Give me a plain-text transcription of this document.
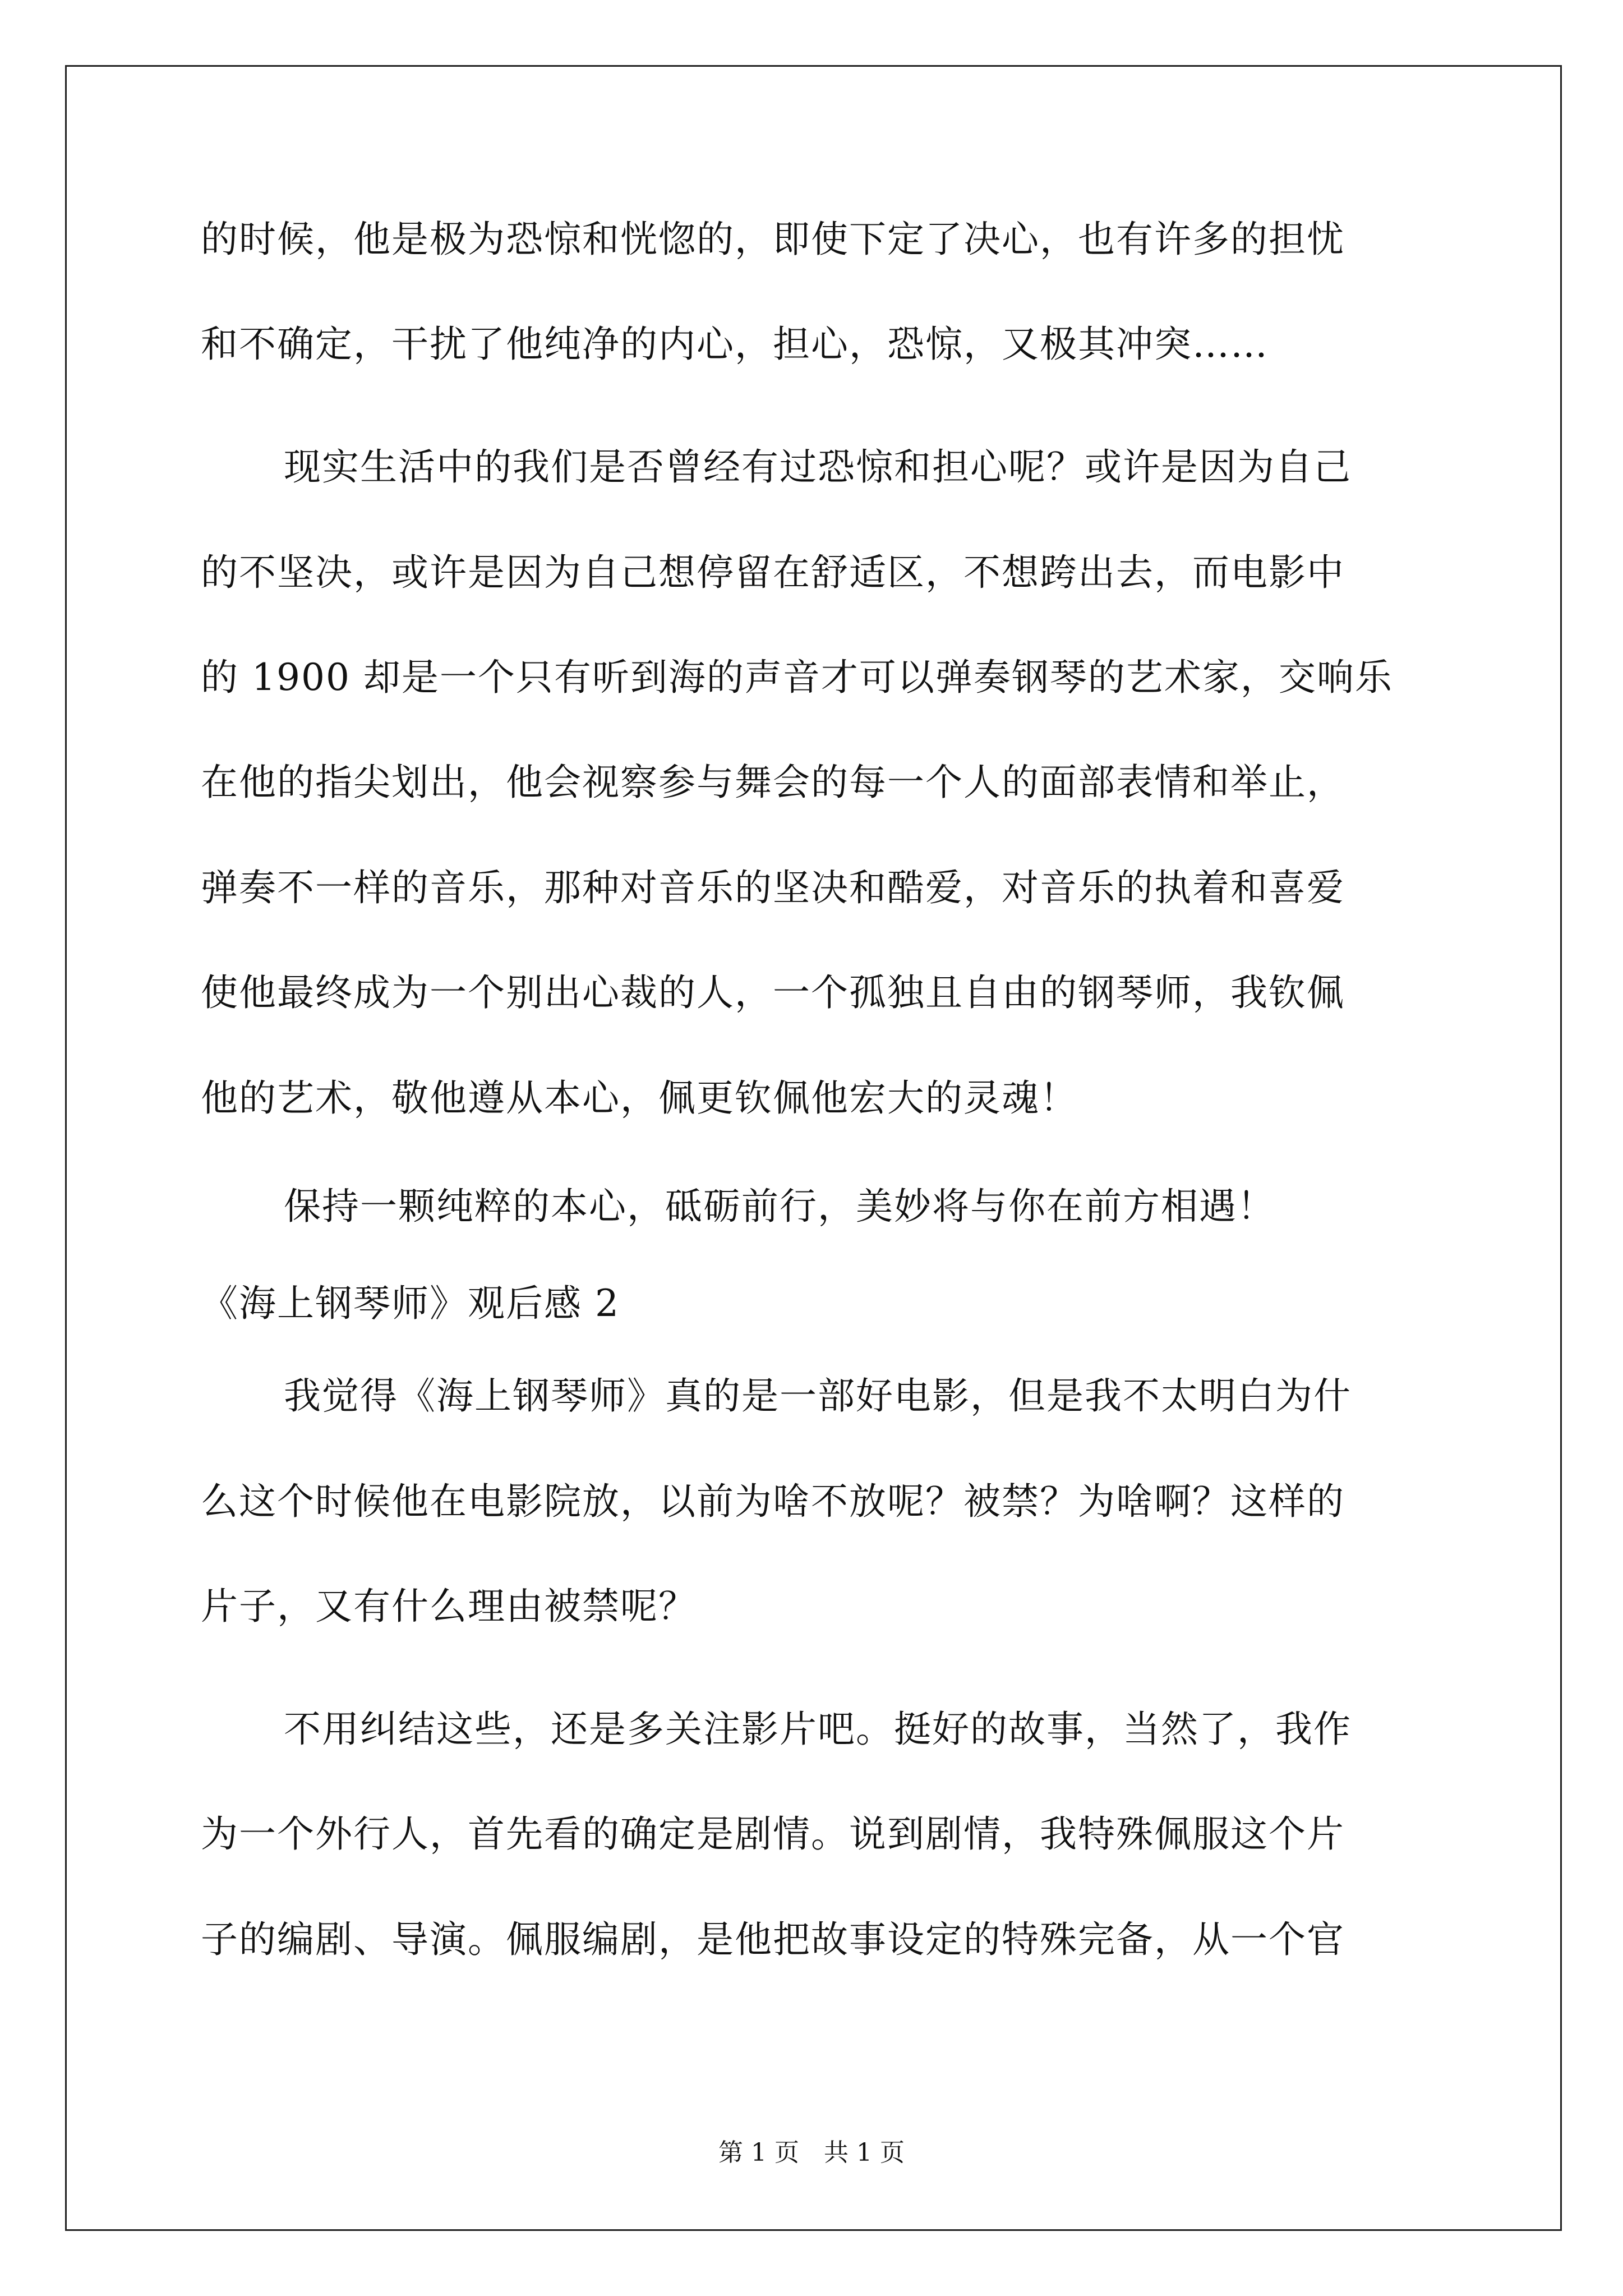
的时候，他是极为恐惊和恍惚的，即使下定了决心，也有许多的担忧
和不确定，干扰了他纯净的内心，担心，恐惊，又极其冲突……
现实生活中的我们是否曾经有过恐惊和担心呢？或许是因为自己
的不坚决，或许是因为自己想停留在舒适区，不想跨出去，而电影中
的 1900 却是一个只有听到海的声音才可以弹奏钢琴的艺术家，交响乐
在他的指尖划出，他会视察参与舞会的每一个人的面部表情和举止，
弹奏不一样的音乐，那种对音乐的坚决和酷爱，对音乐的执着和喜爱
使他最终成为一个别出心裁的人，一个孤独且自由的钢琴师，我钦佩
他的艺术，敬他遵从本心，佩更钦佩他宏大的灵魂！
保持一颗纯粹的本心，砥砺前行，美妙将与你在前方相遇！
《海上钢琴师》观后感 2
我觉得《海上钢琴师》真的是一部好电影，但是我不太明白为什
么这个时候他在电影院放，以前为啥不放呢？被禁？为啥啊？这样的
片子，又有什么理由被禁呢？
不用纠结这些，还是多关注影片吧。挺好的故事，当然了，我作
为一个外行人，首先看的确定是剧情。说到剧情，我特殊佩服这个片
子的编剧、导演。佩服编剧，是他把故事设定的特殊完备，从一个官
第 1 页　共 1 页
